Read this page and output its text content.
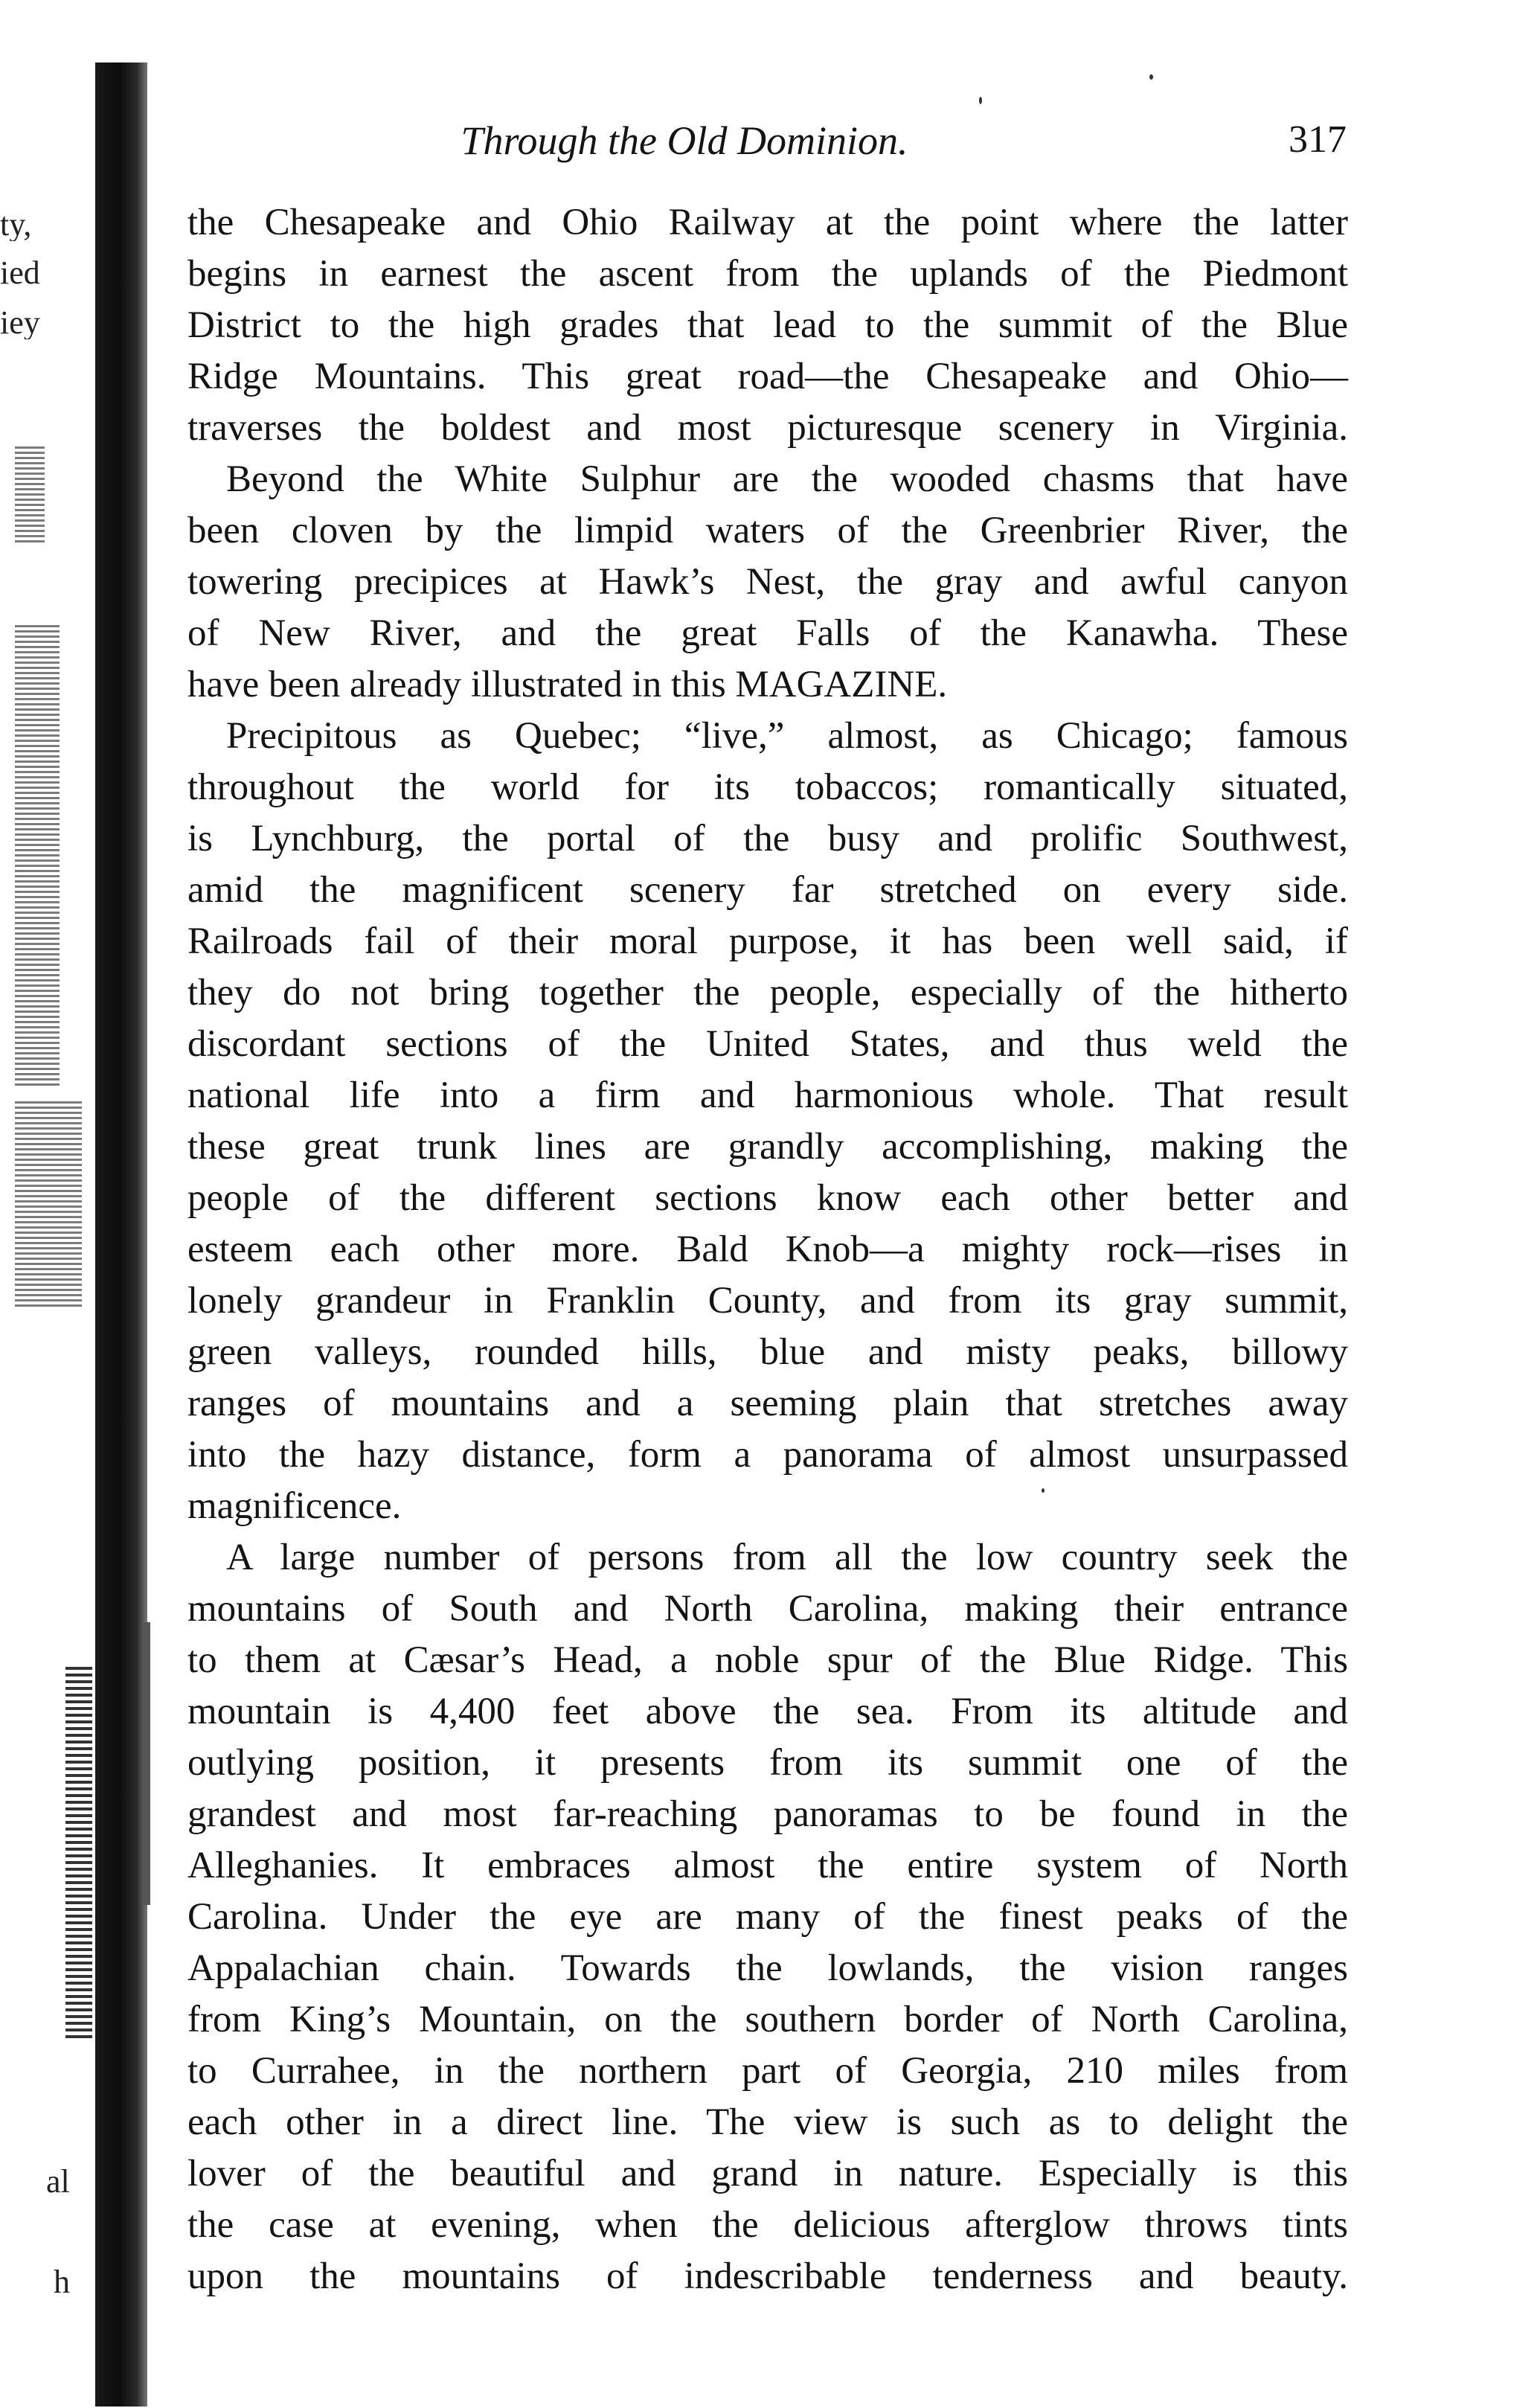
ty,
ied
iey
al
h
Through the Old Dominion.	317
the Chesapeake and Ohio Railway at the point where the latter
begins in earnest the ascent from the uplands of the Piedmont
District to the high grades that lead to the summit of the Blue
Ridge Mountains. This great road—the Chesapeake and Ohio—
traverses the boldest and most picturesque scenery in Virginia.
Beyond the White Sulphur are the wooded chasms that have
been cloven by the limpid waters of the Greenbrier River, the
towering precipices at Hawk’s Nest, the gray and awful canyon
of New River, and the great Falls of the Kanawha. These
have been already illustrated in this MAGAZINE.
Precipitous as Quebec; “live,” almost, as Chicago; famous
throughout the world for its tobaccos; romantically situated,
is Lynchburg, the portal of the busy and prolific Southwest,
amid the magnificent scenery far stretched on every side.
Railroads fail of their moral purpose, it has been well said, if
they do not bring together the people, especially of the hitherto
discordant sections of the United States, and thus weld the
national life into a firm and harmonious whole. That result
these great trunk lines are grandly accomplishing, making the
people of the different sections know each other better and
esteem each other more. Bald Knob—a mighty rock—rises in
lonely grandeur in Franklin County, and from its gray summit,
green valleys, rounded hills, blue and misty peaks, billowy
ranges of mountains and a seeming plain that stretches away
into the hazy distance, form a panorama of almost unsurpassed
magnificence.
A large number of persons from all the low country seek the
mountains of South and North Carolina, making their entrance
to them at Cæsar’s Head, a noble spur of the Blue Ridge. This
mountain is 4,400 feet above the sea. From its altitude and
outlying position, it presents from its summit one of the
grandest and most far-reaching panoramas to be found in the
Alleghanies. It embraces almost the entire system of North
Carolina. Under the eye are many of the finest peaks of the
Appalachian chain. Towards the lowlands, the vision ranges
from King’s Mountain, on the southern border of North Carolina,
to Currahee, in the northern part of Georgia, 210 miles from
each other in a direct line. The view is such as to delight the
lover of the beautiful and grand in nature. Especially is this
the case at evening, when the delicious afterglow throws tints
upon the mountains of indescribable tenderness and beauty.
